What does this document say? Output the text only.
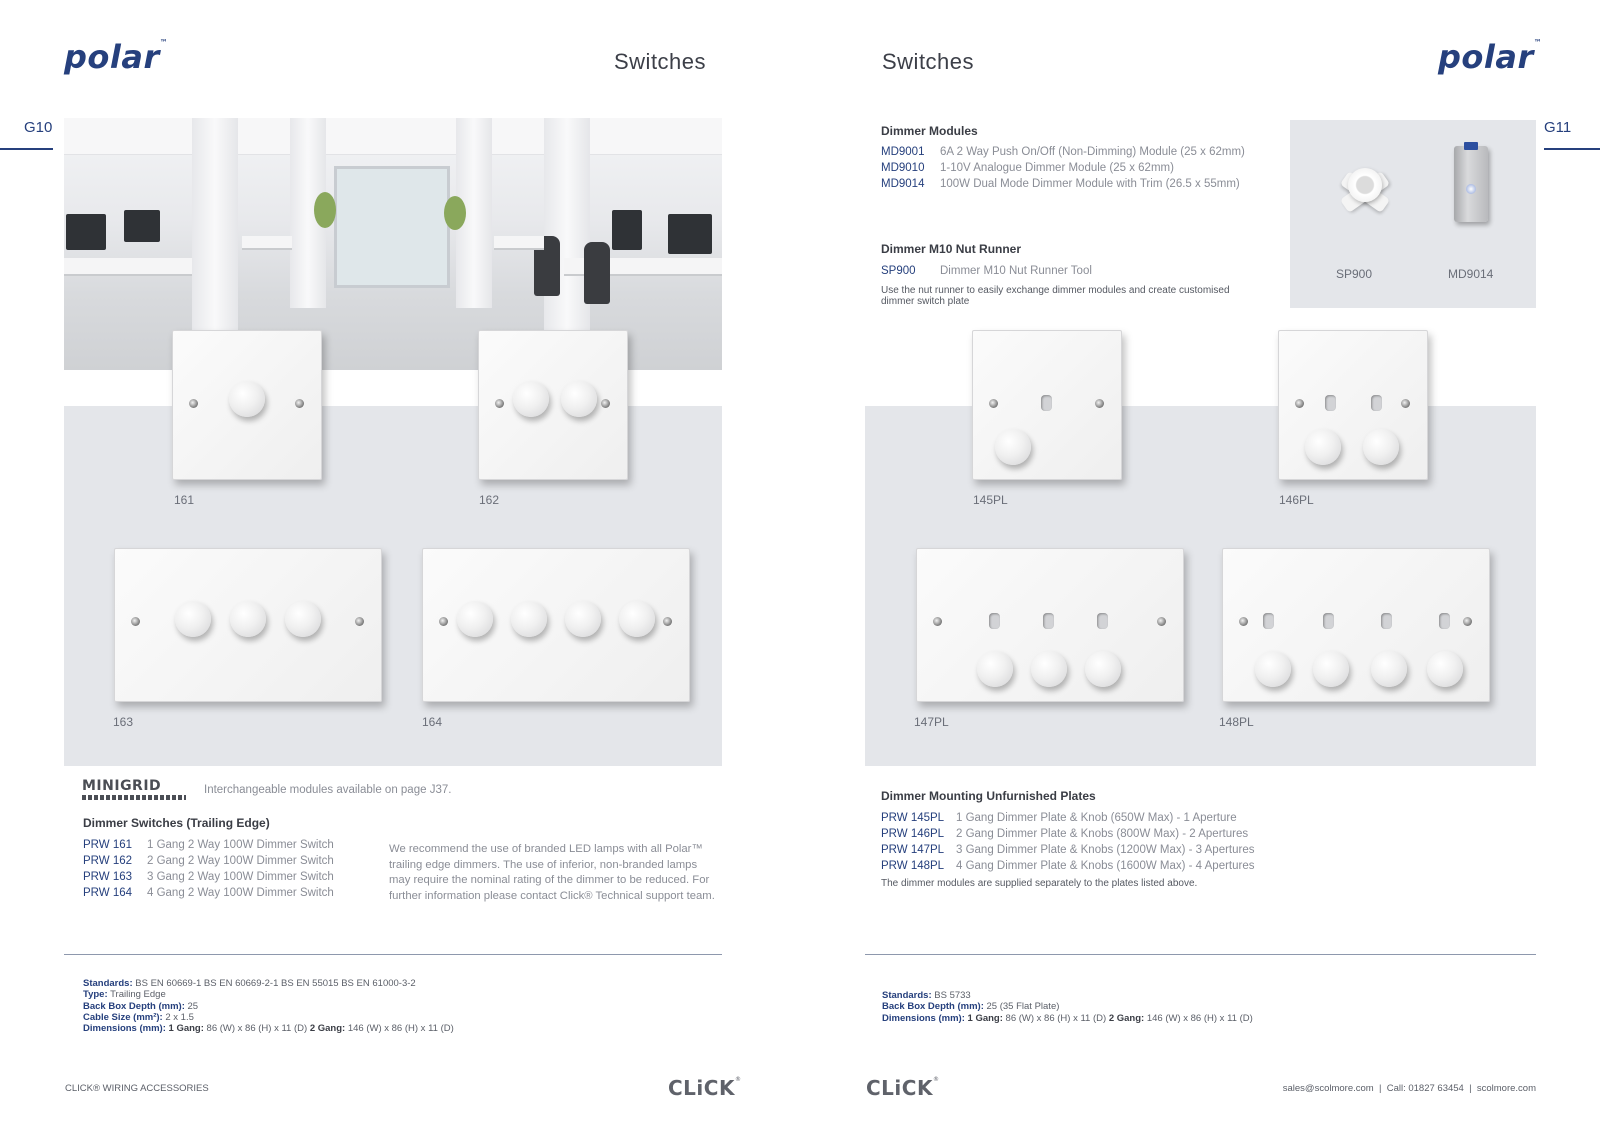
polar™
Switches
G10
161	162
163	164
MINIGRID	Interchangeable modules available on page J37.
Dimmer Switches (Trailing Edge)
PRW 161 1 Gang 2 Way 100W Dimmer Switch
PRW 162 2 Gang 2 Way 100W Dimmer Switch
PRW 163 3 Gang 2 Way 100W Dimmer Switch
PRW 164 4 Gang 2 Way 100W Dimmer Switch
We recommend the use of branded LED lamps with all Polar™
trailing edge dimmers. The use of inferior, non-branded lamps
may require the nominal rating of the dimmer to be reduced. For
further information please contact Click® Technical support team.
Standards: BS EN 60669-1 BS EN 60669-2-1 BS EN 55015 BS EN 61000-3-2
Type: Trailing Edge
Back Box Depth (mm): 25
Cable Size (mm²): 2 x 1.5
Dimensions (mm): 1 Gang: 86 (W) x 86 (H) x 11 (D) 2 Gang: 146 (W) x 86 (H) x 11 (D)
CLICK® WIRING ACCESSORIES	CLiCK®
Switches	polar™
G11
Dimmer Modules
MD9001 6A 2 Way Push On/Off (Non-Dimming) Module (25 x 62mm)
MD9010 1-10V Analogue Dimmer Module (25 x 62mm)
MD9014 100W Dual Mode Dimmer Module with Trim (26.5 x 55mm)
Dimmer M10 Nut Runner
SP900 Dimmer M10 Nut Runner Tool
Use the nut runner to easily exchange dimmer modules and create customised
dimmer switch plate
SP900	MD9014
145PL	146PL
147PL	148PL
Dimmer Mounting Unfurnished Plates
PRW 145PL 1 Gang Dimmer Plate & Knob (650W Max) - 1 Aperture
PRW 146PL 2 Gang Dimmer Plate & Knobs (800W Max) - 2 Apertures
PRW 147PL 3 Gang Dimmer Plate & Knobs (1200W Max) - 3 Apertures
PRW 148PL 4 Gang Dimmer Plate & Knobs (1600W Max) - 4 Apertures
The dimmer modules are supplied separately to the plates listed above.
Standards: BS 5733
Back Box Depth (mm): 25 (35 Flat Plate)
Dimensions (mm): 1 Gang: 86 (W) x 86 (H) x 11 (D) 2 Gang: 146 (W) x 86 (H) x 11 (D)
CLiCK®
sales@scolmore.com  |  Call: 01827 63454  |  scolmore.com
